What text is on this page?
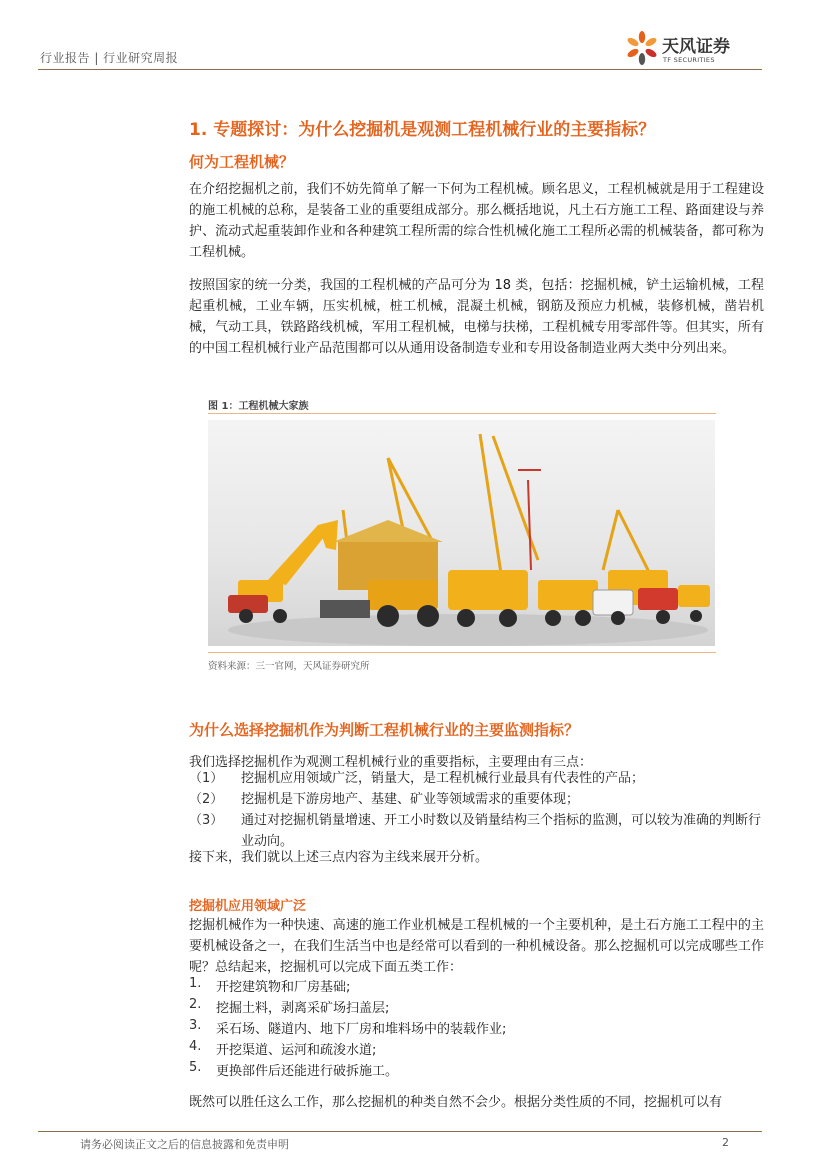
行业报告 | 行业研究周报
天风证券
TF SECURITIES
1. 专题探讨：为什么挖掘机是观测工程机械行业的主要指标？
何为工程机械？
在介绍挖掘机之前，我们不妨先简单了解一下何为工程机械。顾名思义，工程机械就是用于工程建设的施工机械的总称，是装备工业的重要组成部分。那么概括地说，凡土石方施工工程、路面建设与养护、流动式起重装卸作业和各种建筑工程所需的综合性机械化施工工程所必需的机械装备，都可称为工程机械。
按照国家的统一分类，我国的工程机械的产品可分为 18 类，包括：挖掘机械，铲土运输机械，工程起重机械，工业车辆，压实机械，桩工机械，混凝土机械，钢筋及预应力机械，装修机械，凿岩机械，气动工具，铁路路线机械，军用工程机械，电梯与扶梯，工程机械专用零部件等。但其实，所有的中国工程机械行业产品范围都可以从通用设备制造专业和专用设备制造业两大类中分列出来。
图 1：工程机械大家族
资料来源：三一官网，天风证券研究所
为什么选择挖掘机作为判断工程机械行业的主要监测指标？
我们选择挖掘机作为观测工程机械行业的重要指标，主要理由有三点：
（1）	挖掘机应用领域广泛，销量大，是工程机械行业最具有代表性的产品；
（2）	挖掘机是下游房地产、基建、矿业等领域需求的重要体现；
（3）	通过对挖掘机销量增速、开工小时数以及销量结构三个指标的监测，可以较为准确的判断行业动向。
接下来，我们就以上述三点内容为主线来展开分析。
挖掘机应用领域广泛
挖掘机械作为一种快速、高速的施工作业机械是工程机械的一个主要机种，是土石方施工工程中的主要机械设备之一，在我们生活当中也是经常可以看到的一种机械设备。那么挖掘机可以完成哪些工作呢？总结起来，挖掘机可以完成下面五类工作：
1.	开挖建筑物和厂房基础;
2.	挖掘土料，剥离采矿场扫盖层;
3.	采石场、隧道内、地下厂房和堆料场中的装载作业;
4.	开挖渠道、运河和疏浚水道;
5.	更换部件后还能进行破拆施工。
既然可以胜任这么工作，那么挖掘机的种类自然不会少。根据分类性质的不同，挖掘机可以有
请务必阅读正文之后的信息披露和免责申明	2
